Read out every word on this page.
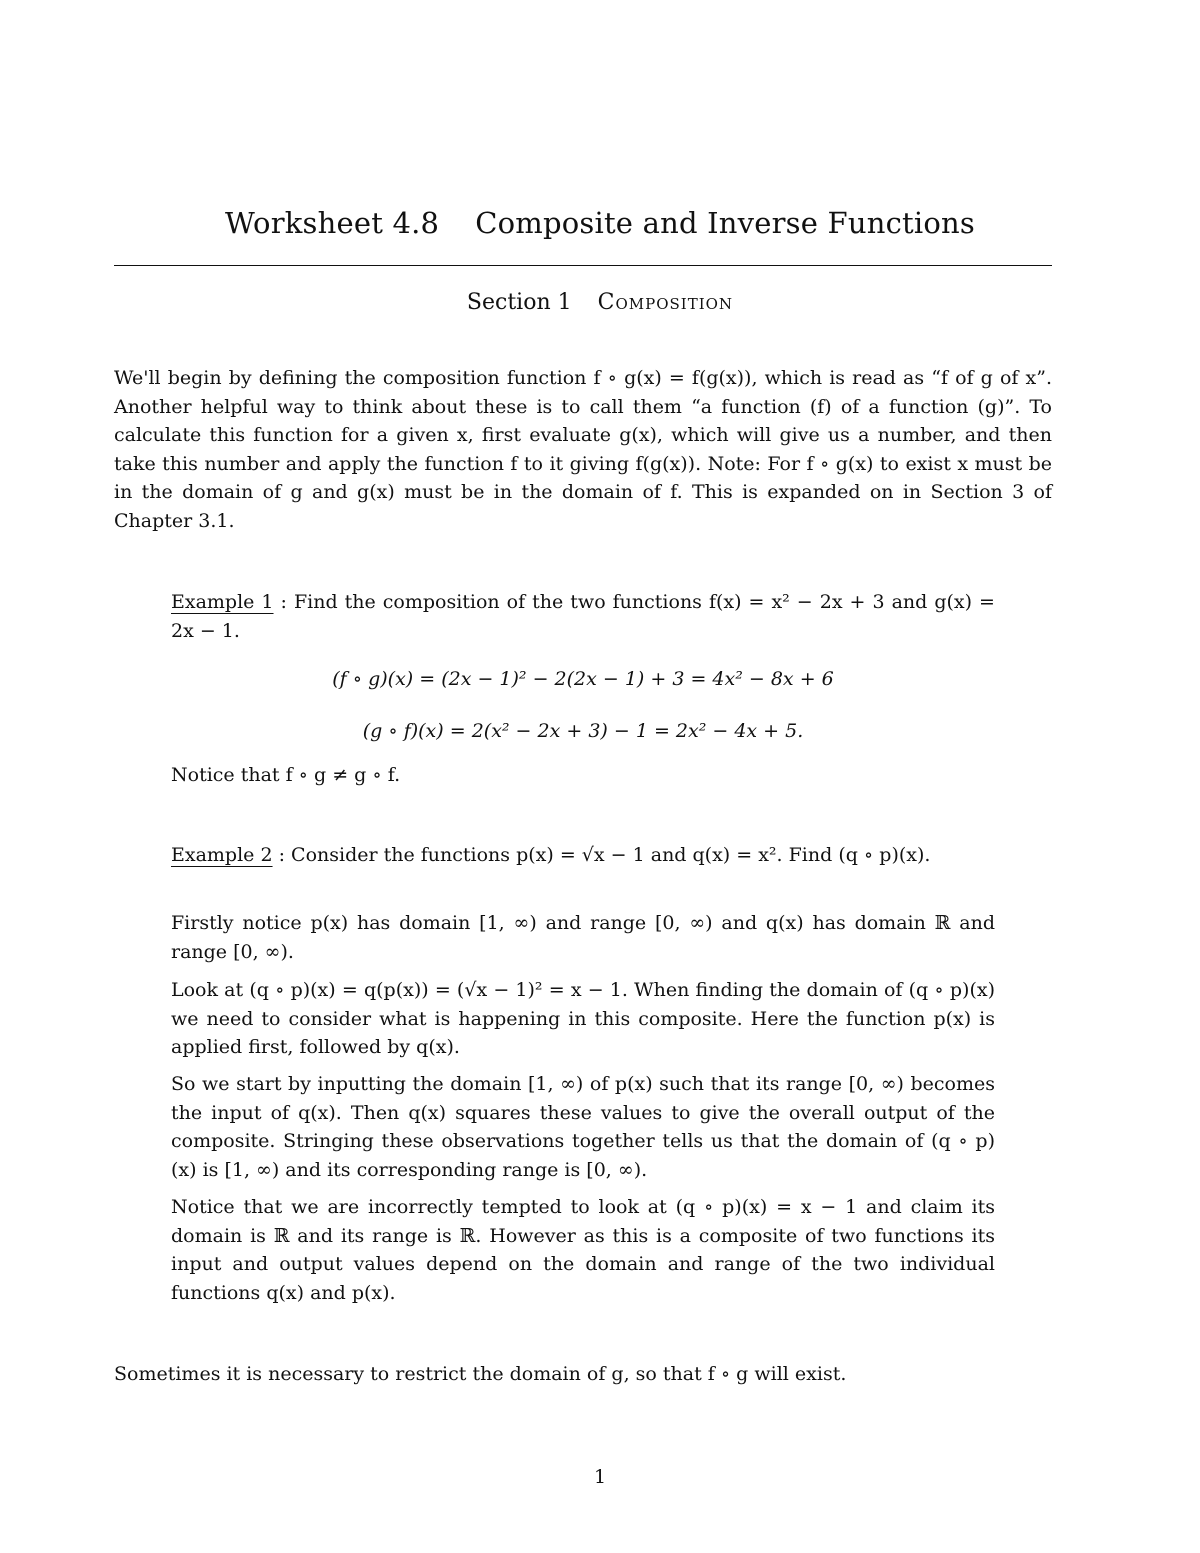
Worksheet 4.8 Composite and Inverse Functions
Section 1 Composition

We'll begin by defining the composition function f ∘ g(x) = f(g(x)), which is read as “f of g of x”. Another helpful way to think about these is to call them “a function (f) of a function (g)”. To calculate this function for a given x, first evaluate g(x), which will give us a number, and then take this number and apply the function f to it giving f(g(x)). Note: For f ∘ g(x) to exist x must be in the domain of g and g(x) must be in the domain of f. This is expanded on in Section 3 of Chapter 3.1.

Example 1 : Find the composition of the two functions f(x) = x² − 2x + 3 and g(x) = 2x − 1.

(f ∘ g)(x) = (2x − 1)² − 2(2x − 1) + 3 = 4x² − 8x + 6
(g ∘ f)(x) = 2(x² − 2x + 3) − 1 = 2x² − 4x + 5.

Notice that f ∘ g ≠ g ∘ f.

Example 2 : Consider the functions p(x) = √x − 1 and q(x) = x². Find (q ∘ p)(x).

Firstly notice p(x) has domain [1, ∞) and range [0, ∞) and q(x) has domain ℝ and range [0, ∞).

Look at (q ∘ p)(x) = q(p(x)) = (√x − 1)² = x − 1. When finding the domain of (q ∘ p)(x) we need to consider what is happening in this composite. Here the function p(x) is applied first, followed by q(x).

So we start by inputting the domain [1, ∞) of p(x) such that its range [0, ∞) becomes the input of q(x). Then q(x) squares these values to give the overall output of the composite. Stringing these observations together tells us that the domain of (q ∘ p)(x) is [1, ∞) and its corresponding range is [0, ∞).

Notice that we are incorrectly tempted to look at (q ∘ p)(x) = x − 1 and claim its domain is ℝ and its range is ℝ. However as this is a composite of two functions its input and output values depend on the domain and range of the two individual functions q(x) and p(x).

Sometimes it is necessary to restrict the domain of g, so that f ∘ g will exist.

1
